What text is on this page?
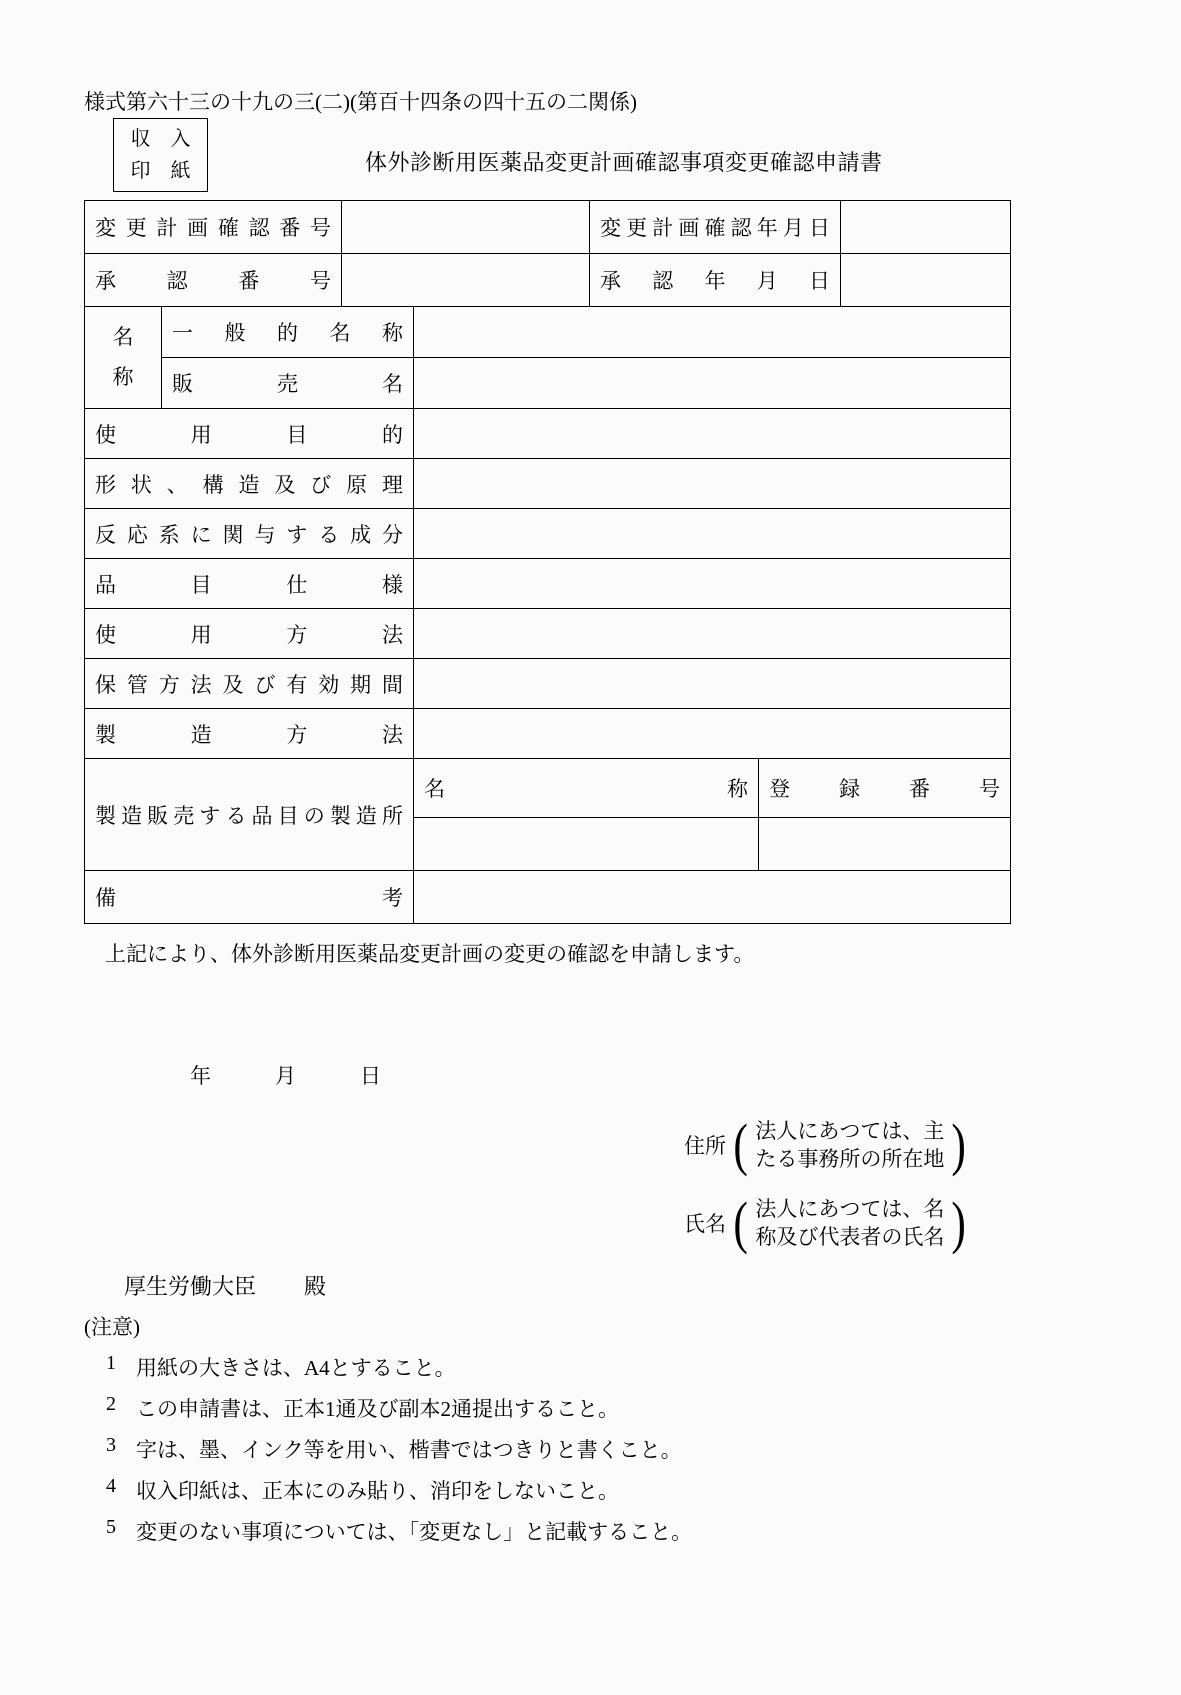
様式第六十三の十九の三(二)(第百十四条の四十五の二関係)
収　入
印　紙	体外診断用医薬品変更計画確認事項変更確認申請書
変更計画確認番号				変更計画確認年月日		
承認番号				承認年月日		

名称	一般的名称					
	販売名					
使用目的						
形状、構造及び原理						
反応系に関与する成分						
品目仕様						
使用方法						
保管方法及び有効期間						
製造方法						
製造販売する品目の製造所			名称		登録番号	

備考						
上記により、体外診断用医薬品変更計画の変更の確認を申請します。
年	月	日
住所 ( 法人にあつては、主
たる事務所の所在地 )
氏名 ( 法人にあつては、名
称及び代表者の氏名 )
厚生労働大臣 殿
(注意)
1 用紙の大きさは、A4とすること。
2 この申請書は、正本1通及び副本2通提出すること。
3 字は、墨、インク等を用い、楷書ではつきりと書くこと。
4 収入印紙は、正本にのみ貼り、消印をしないこと。
5 変更のない事項については、「変更なし」と記載すること。
